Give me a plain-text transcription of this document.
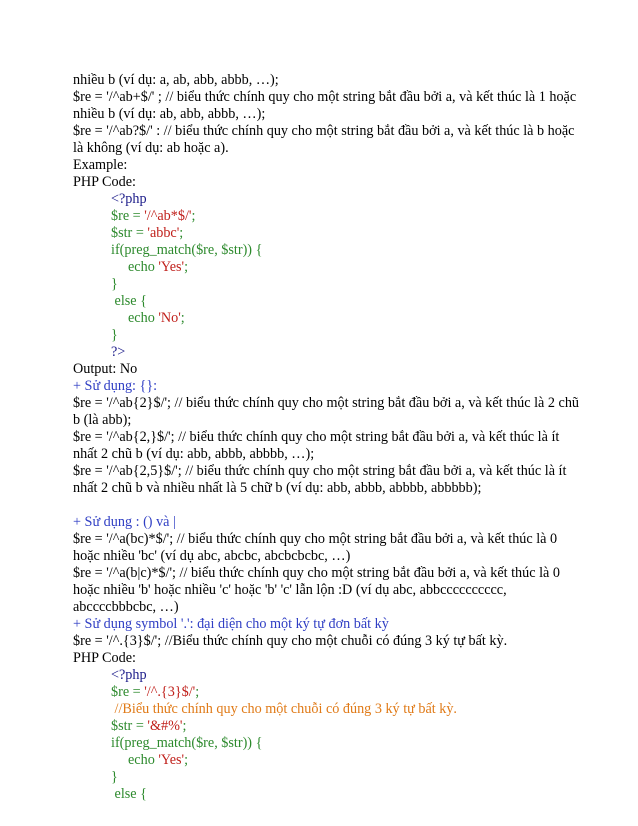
nhiều b (ví dụ: a, ab, abb, abbb, …);
$re = '/^ab+$/' ; // biểu thức chính quy cho một string bắt đầu bởi a, và kết thúc là 1 hoặc
nhiều b (ví dụ: ab, abb, abbb, …);
$re = '/^ab?$/' : // biểu thức chính quy cho một string bắt đầu bởi a, và kết thúc là b hoặc
là không (ví dụ: ab hoặc a).
Example:
PHP Code:
<?php
$re = '/^ab*$/';
$str = 'abbc';
if(preg_match($re, $str)) {
echo 'Yes';
}
else {
echo 'No';
}
?>
Output: No
+ Sử dụng: {}:
$re = '/^ab{2}$/'; // biểu thức chính quy cho một string bắt đầu bởi a, và kết thúc là 2 chũ
b (là abb);
$re = '/^ab{2,}$/'; // biểu thức chính quy cho một string bắt đầu bởi a, và kết thúc là ít
nhất 2 chũ b (ví dụ: abb, abbb, abbbb, …);
$re = '/^ab{2,5}$/'; // biểu thức chính quy cho một string bắt đầu bởi a, và kết thúc là ít
nhất 2 chũ b và nhiều nhất là 5 chữ b (ví dụ: abb, abbb, abbbb, abbbbb);
+ Sử dụng : () và |
$re = '/^a(bc)*$/'; // biểu thức chính quy cho một string bắt đầu bởi a, và kết thúc là 0
hoặc nhiều 'bc' (ví dụ abc, abcbc, abcbcbcbc, …)
$re = '/^a(b|c)*$/'; // biểu thức chính quy cho một string bắt đầu bởi a, và kết thúc là 0
hoặc nhiều 'b' hoặc nhiều 'c' hoặc 'b' 'c' lẫn lộn :D (ví dụ abc, abbcccccccccc,
abccccbbbcbc, …)
+ Sử dụng symbol '.': đại diện cho một ký tự đơn bất kỳ
$re = '/^.{3}$/'; //Biểu thức chính quy cho một chuỗi có đúng 3 ký tự bất kỳ.
PHP Code:
<?php
$re = '/^.{3}$/';
//Biểu thức chính quy cho một chuỗi có đúng 3 ký tự bất kỳ.
$str = '&#%';
if(preg_match($re, $str)) {
echo 'Yes';
}
else {
